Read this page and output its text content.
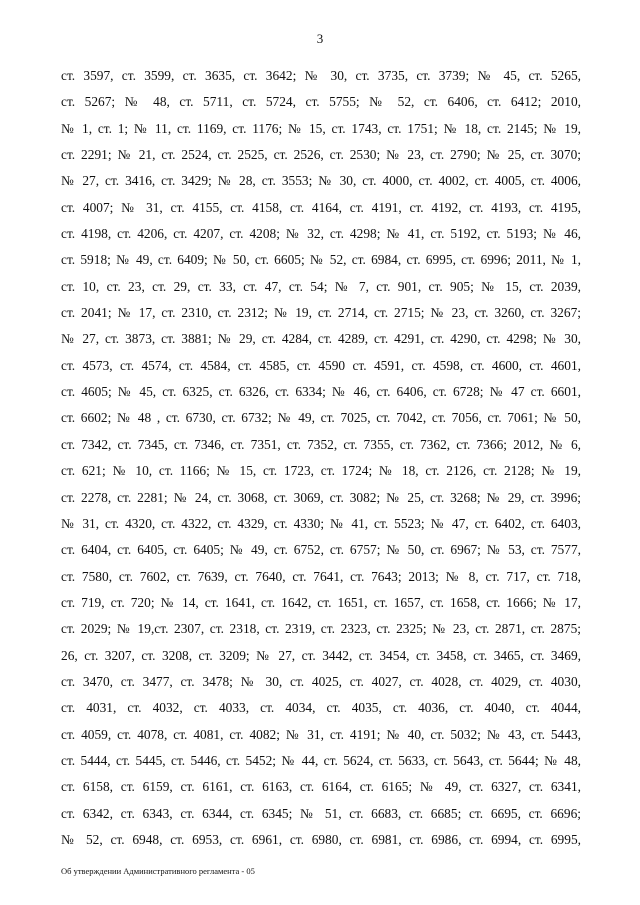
3
ст. 3597, ст. 3599, ст. 3635, ст. 3642; № 30, ст. 3735, ст. 3739; № 45, ст. 5265,
ст. 5267; № 48, ст. 5711, ст. 5724, ст. 5755; № 52, ст. 6406, ст. 6412; 2010,
№ 1, ст. 1; № 11, ст. 1169, ст. 1176; № 15, ст. 1743, ст. 1751; № 18, ст. 2145; № 19,
ст. 2291; № 21, ст. 2524, ст. 2525, ст. 2526, ст. 2530; № 23, ст. 2790; № 25, ст. 3070;
№ 27, ст. 3416, ст. 3429; № 28, ст. 3553; № 30, ст. 4000, ст. 4002, ст. 4005, ст. 4006,
ст. 4007; № 31, ст. 4155, ст. 4158, ст. 4164, ст. 4191, ст. 4192, ст. 4193, ст. 4195,
ст. 4198, ст. 4206, ст. 4207, ст. 4208; № 32, ст. 4298; № 41, ст. 5192, ст. 5193; № 46,
ст. 5918; № 49, ст. 6409; № 50, ст. 6605; № 52, ст. 6984, ст. 6995, ст. 6996; 2011, № 1,
ст. 10, ст. 23, ст. 29, ст. 33, ст. 47, ст. 54; № 7, ст. 901, ст. 905; № 15, ст. 2039,
ст. 2041; № 17, ст. 2310, ст. 2312; № 19, ст. 2714, ст. 2715; № 23, ст. 3260, ст. 3267;
№ 27, ст. 3873, ст. 3881; № 29, ст. 4284, ст. 4289, ст. 4291, ст. 4290, ст. 4298; № 30,
ст. 4573, ст. 4574, ст. 4584, ст. 4585, ст. 4590 ст. 4591, ст. 4598, ст. 4600, ст. 4601,
ст. 4605; № 45, ст. 6325, ст. 6326, ст. 6334; № 46, ст. 6406, ст. 6728; № 47 ст. 6601,
ст. 6602; № 48 , ст. 6730, ст. 6732; № 49, ст. 7025, ст. 7042, ст. 7056, ст. 7061; № 50,
ст. 7342, ст. 7345, ст. 7346, ст. 7351, ст. 7352, ст. 7355, ст. 7362, ст. 7366; 2012, № 6,
ст. 621; № 10, ст. 1166; № 15, ст. 1723, ст. 1724; № 18, ст. 2126, ст. 2128; № 19,
ст. 2278, ст. 2281; № 24, ст. 3068, ст. 3069, ст. 3082; № 25, ст. 3268; № 29, ст. 3996;
№ 31, ст. 4320, ст. 4322, ст. 4329, ст. 4330; № 41, ст. 5523; № 47, ст. 6402, ст. 6403,
ст. 6404, ст. 6405, ст. 6405; № 49, ст. 6752, ст. 6757; № 50, ст. 6967; № 53, ст. 7577,
ст. 7580, ст. 7602, ст. 7639, ст. 7640, ст. 7641, ст. 7643; 2013; № 8, ст. 717, ст. 718,
ст. 719, ст. 720; № 14, ст. 1641, ст. 1642, ст. 1651, ст. 1657, ст. 1658, ст. 1666; № 17,
ст. 2029; № 19,ст. 2307, ст. 2318, ст. 2319, ст. 2323, ст. 2325; № 23, ст. 2871, ст. 2875;
26, ст. 3207, ст. 3208, ст. 3209; № 27, ст. 3442, ст. 3454, ст. 3458, ст. 3465, ст. 3469,
ст. 3470, ст. 3477, ст. 3478; № 30, ст. 4025, ст. 4027, ст. 4028, ст. 4029, ст. 4030,
ст. 4031, ст. 4032, ст. 4033, ст. 4034, ст. 4035, ст. 4036, ст. 4040, ст. 4044,
ст. 4059, ст. 4078, ст. 4081, ст. 4082; № 31, ст. 4191; № 40, ст. 5032; № 43, ст. 5443,
ст. 5444, ст. 5445, ст. 5446, ст. 5452; № 44, ст. 5624, ст. 5633, ст. 5643, ст. 5644; № 48,
ст. 6158, ст. 6159, ст. 6161, ст. 6163, ст. 6164, ст. 6165; № 49, ст. 6327, ст. 6341,
ст. 6342, ст. 6343, ст. 6344, ст. 6345; № 51, ст. 6683, ст. 6685; ст. 6695, ст. 6696;
№ 52, ст. 6948, ст. 6953, ст. 6961, ст. 6980, ст. 6981, ст. 6986, ст. 6994, ст. 6995,
Об утверждении Административного регламента - 05
